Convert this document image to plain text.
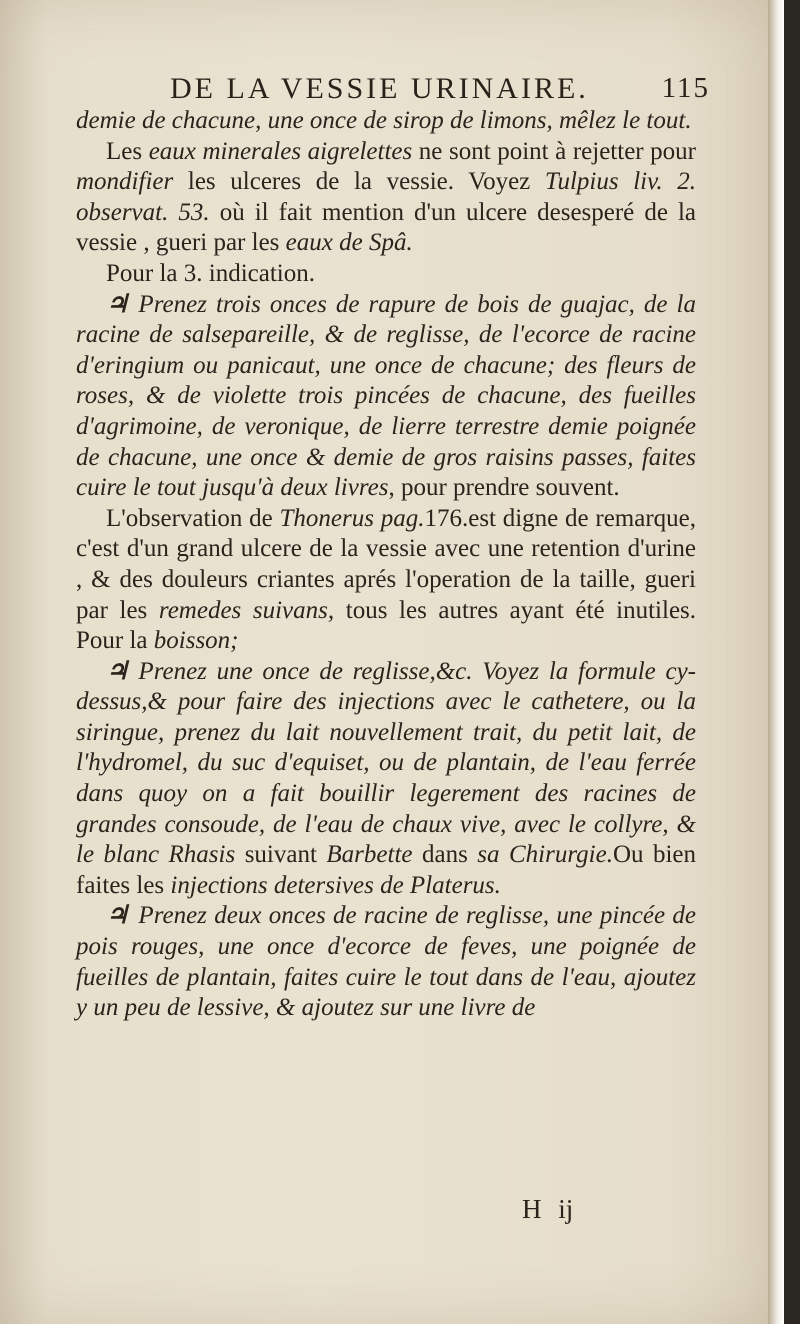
DE LA VESSIE URINAIRE.	115

demie de chacune, une once de sirop de limons, mêlez le tout.

Les eaux minerales aigrelettes ne sont point à rejetter pour mondifier les ulceres de la vessie. Voyez Tulpius liv. 2. observat. 53. où il fait mention d'un ulcere desesperé de la vessie , gueri par les eaux de Spâ.

Pour la 3. indication.

♃ Prenez trois onces de rapure de bois de guajac, de la racine de salsepareille, & de reglisse, de l'ecorce de racine d'eringium ou panicaut, une once de chacune; des fleurs de roses, & de violette trois pincées de chacune, des fueilles d'agrimoine, de veronique, de lierre terrestre demie poignée de chacune, une once & demie de gros raisins passes, faites cuire le tout jusqu'à deux livres, pour prendre souvent.

L'observation de Thonerus pag.176.est digne de remarque, c'est d'un grand ulcere de la vessie avec une retention d'urine , & des douleurs criantes aprés l'operation de la taille, gueri par les remedes suivans, tous les autres ayant été inutiles. Pour la boisson;

♃ Prenez une once de reglisse,&c. Voyez la formule cy-dessus,& pour faire des injections avec le cathetere, ou la siringue, prenez du lait nouvellement trait, du petit lait, de l'hydromel, du suc d'equiset, ou de plantain, de l'eau ferrée dans quoy on a fait bouillir legerement des racines de grandes consoude, de l'eau de chaux vive, avec le collyre, & le blanc Rhasis suivant Barbette dans sa Chirurgie.Ou bien faites les injections detersives de Platerus.

♃ Prenez deux onces de racine de reglisse, une pincée de pois rouges, une once d'ecorce de feves, une poignée de fueilles de plantain, faites cuire le tout dans de l'eau, ajoutez y un peu de lessive, & ajoutez sur une livre de

H ij
